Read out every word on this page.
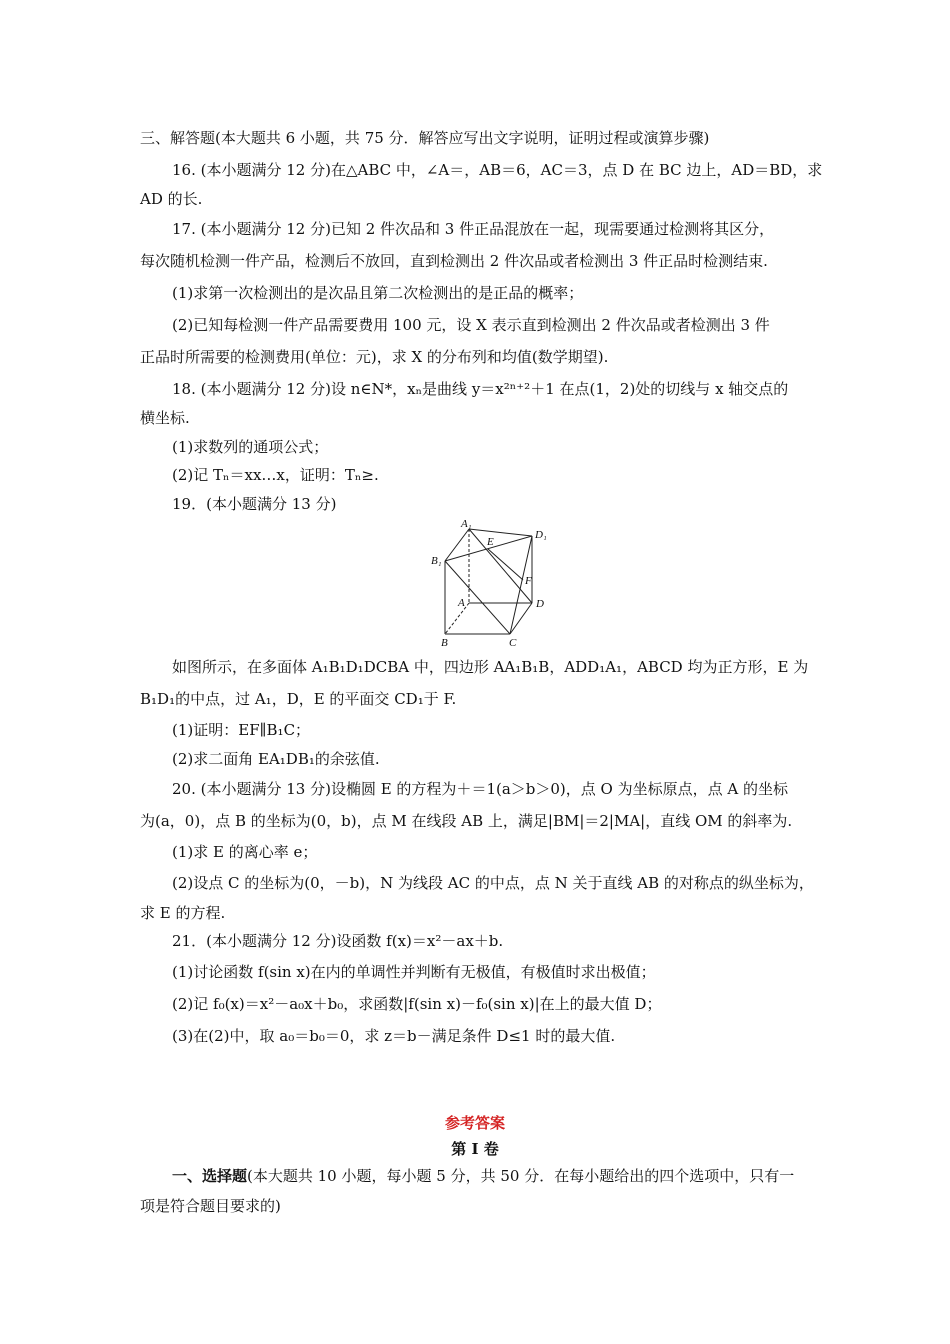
三、解答题(本大题共 6 小题，共 75 分．解答应写出文字说明，证明过程或演算步骤)
16. (本小题满分 12 分)在△ABC 中，∠A＝，AB＝6，AC＝3，点 D 在 BC 边上，AD＝BD，求
AD 的长.
17. (本小题满分 12 分)已知 2 件次品和 3 件正品混放在一起，现需要通过检测将其区分，
每次随机检测一件产品，检测后不放回，直到检测出 2 件次品或者检测出 3 件正品时检测结束.
(1)求第一次检测出的是次品且第二次检测出的是正品的概率；
(2)已知每检测一件产品需要费用 100 元，设 X 表示直到检测出 2 件次品或者检测出 3 件
正品时所需要的检测费用(单位：元)，求 X 的分布列和均值(数学期望).
18. (本小题满分 12 分)设 n∈N*，xₙ是曲线 y＝x²ⁿ⁺²＋1 在点(1，2)处的切线与 x 轴交点的
横坐标.
(1)求数列的通项公式；
(2)记 Tₙ＝xx…x，证明：Tₙ≥.
19．(本小题满分 13 分)
A₁
D₁
B₁
E
F
A	D
B	C
如图所示，在多面体 A₁B₁D₁DCBA 中，四边形 AA₁B₁B，ADD₁A₁，ABCD 均为正方形，E 为
B₁D₁的中点，过 A₁，D，E 的平面交 CD₁于 F.
(1)证明：EF∥B₁C；
(2)求二面角 EA₁DB₁的余弦值.
20. (本小题满分 13 分)设椭圆 E 的方程为＋＝1(a＞b＞0)，点 O 为坐标原点，点 A 的坐标
为(a，0)，点 B 的坐标为(0，b)，点 M 在线段 AB 上，满足|BM|＝2|MA|，直线 OM 的斜率为.
(1)求 E 的离心率 e；
(2)设点 C 的坐标为(0，－b)，N 为线段 AC 的中点，点 N 关于直线 AB 的对称点的纵坐标为，
求 E 的方程.
21．(本小题满分 12 分)设函数 f(x)＝x²－ax＋b.
(1)讨论函数 f(sin x)在内的单调性并判断有无极值，有极值时求出极值；
(2)记 f₀(x)＝x²－a₀x＋b₀，求函数|f(sin x)－f₀(sin x)|在上的最大值 D；
(3)在(2)中，取 a₀＝b₀＝0，求 z＝b－满足条件 D≤1 时的最大值.
参考答案
第 Ⅰ 卷
一、选择题(本大题共 10 小题，每小题 5 分，共 50 分．在每小题给出的四个选项中，只有一
项是符合题目要求的)
